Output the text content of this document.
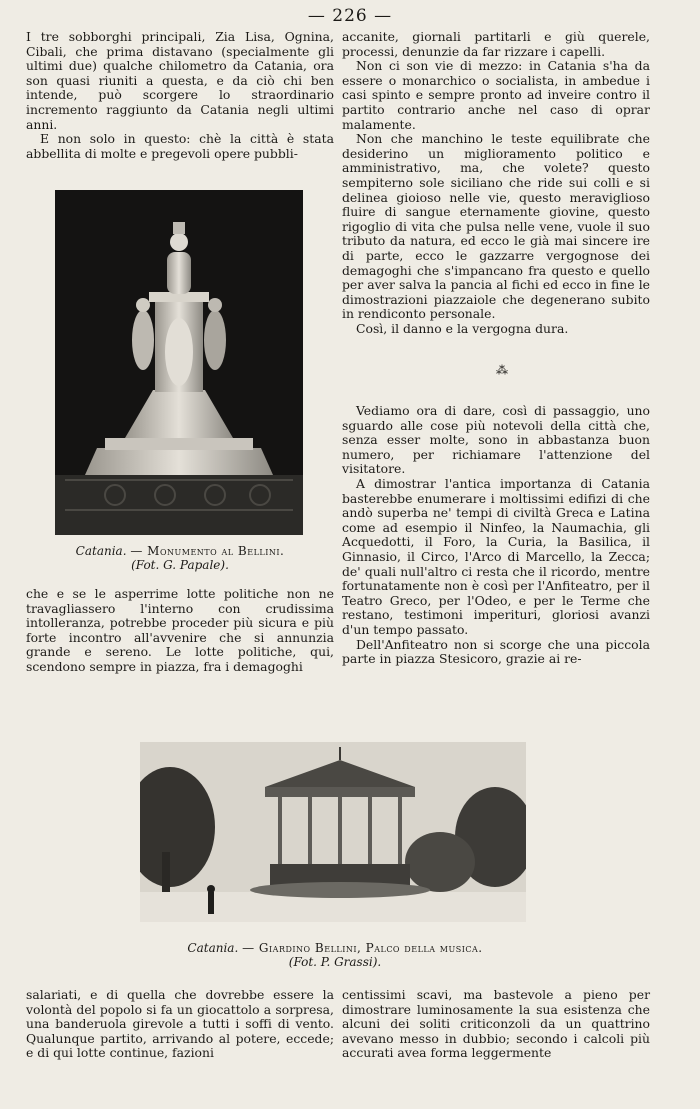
— 226 —

I tre sobborghi principali, Zia Lisa, Ognina, Cibali, che prima distavano (specialmente gli ultimi due) qualche chilometro da Catania, ora son quasi riuniti a questa, e da ciò chi ben intende, può scorgere lo straordinario incremento raggiunto da Catania negli ultimi anni.

E non solo in questo: chè la città è stata abbellita di molte e pregevoli opere pubbli-

accanite, giornali partitarli e giù querele, processi, denunzie da far rizzare i capelli.

Non ci son vie di mezzo: in Catania s'ha da essere o monarchico o socialista, in ambedue i casi spinto e sempre pronto ad inveire contro il partito contrario anche nel caso di oprar malamente.

Non che manchino le teste equilibrate che desiderino un miglioramento politico e amministrativo, ma, che volete? questo sempiterno sole siciliano che ride sui colli e si delinea gioioso nelle vie, questo meraviglioso fluire di sangue eternamente giovine, questo rigoglio di vita che pulsa nelle vene, vuole il suo tributo da natura, ed ecco le già mai sincere ire di parte, ecco le gazzarre vergognose dei demagoghi che s'impancano fra questo e quello per aver salva la pancia al fichi ed ecco in fine le dimostrazioni piazzaiole che degenerano subito in rendiconto personale.

Così, il danno e la vergogna dura.

⁂

Vediamo ora di dare, così di passaggio, uno sguardo alle cose più notevoli della città che, senza esser molte, sono in abbastanza buon numero, per richiamare l'attenzione del visitatore.

A dimostrar l'antica importanza di Catania basterebbe enumerare i moltissimi edifizi di che andò superba ne' tempi di civiltà Greca e Latina come ad esempio il Ninfeo, la Naumachia, gli Acquedotti, il Foro, la Curia, la Basilica, il Ginnasio, il Circo, l'Arco di Marcello, la Zecca; de' quali null'altro ci resta che il ricordo, mentre fortunatamente non è così per l'Anfiteatro, per il Teatro Greco, per l'Odeo, e per le Terme che restano, testimoni imperituri, gloriosi avanzi d'un tempo passato.

Dell'Anfiteatro non si scorge che una piccola parte in piazza Stesicoro, grazie ai re-

Catania. — Monumento al Bellini.
(Fot. G. Papale).

che e se le asperrime lotte politiche non ne travagliassero l'interno con crudissima intolleranza, potrebbe proceder più sicura e più forte incontro all'avvenire che si annunzia grande e sereno. Le lotte politiche, qui, scendono sempre in piazza, fra i demagoghi

Catania. — Giardino Bellini, Palco della musica.
(Fot. P. Grassi).

salariati, e di quella che dovrebbe essere la volontà del popolo si fa un giocattolo a sorpresa, una banderuola girevole a tutti i soffi di vento. Qualunque partito, arrivando al potere, eccede; e di qui lotte continue, fazioni

centissimi scavi, ma bastevole a pieno per dimostrare luminosamente la sua esistenza che alcuni dei soliti criticonzoli da un quattrino avevano messo in dubbio; secondo i calcoli più accurati avea forma leggermente
